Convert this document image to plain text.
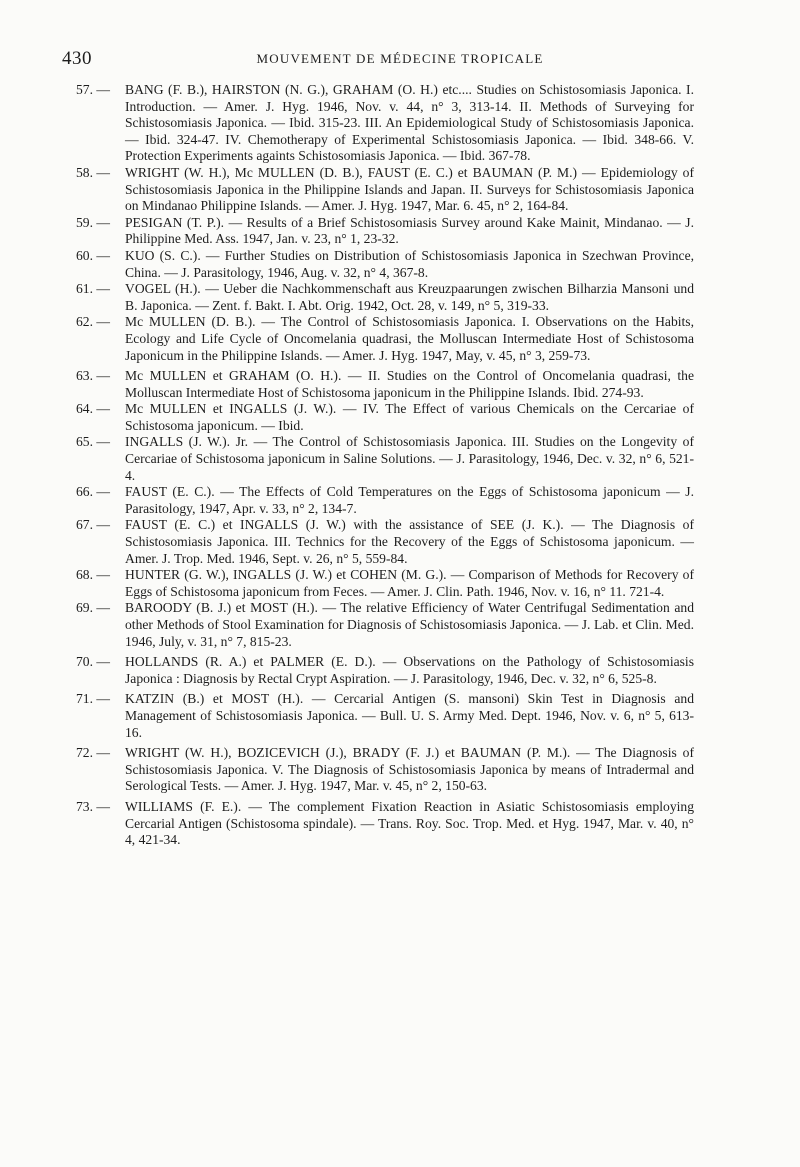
430	MOUVEMENT DE MÉDECINE TROPICALE
57. —	BANG (F. B.), HAIRSTON (N. G.), GRAHAM (O. H.) etc.... Studies on Schistosomiasis Japonica. I. Introduction. — Amer. J. Hyg. 1946, Nov. v. 44, n° 3, 313-14. II. Methods of Surveying for Schistosomiasis Japonica. — Ibid. 315-23. III. An Epidemiological Study of Schistosomiasis Japonica. — Ibid. 324-47. IV. Chemotherapy of Experimental Schistosomiasis Japonica. — Ibid. 348-66. V. Protection Experiments againts Schistosomiasis Japonica. — Ibid. 367-78.
58. —	WRIGHT (W. H.), Mc MULLEN (D. B.), FAUST (E. C.) et BAUMAN (P. M.) — Epidemiology of Schistosomiasis Japonica in the Philippine Islands and Japan. II. Surveys for Schistosomiasis Japonica on Mindanao Philippine Islands. — Amer. J. Hyg. 1947, Mar. 6. 45, n° 2, 164-84.
59. —	PESIGAN (T. P.). — Results of a Brief Schistosomiasis Survey around Kake Mainit, Mindanao. — J. Philippine Med. Ass. 1947, Jan. v. 23, n° 1, 23-32.
60. —	KUO (S. C.). — Further Studies on Distribution of Schistosomiasis Japonica in Szechwan Province, China. — J. Parasitology, 1946, Aug. v. 32, n° 4, 367-8.
61. —	VOGEL (H.). — Ueber die Nachkommenschaft aus Kreuzpaarungen zwischen Bilharzia Mansoni und B. Japonica. — Zent. f. Bakt. I. Abt. Orig. 1942, Oct. 28, v. 149, n° 5, 319-33.
62. —	Mc MULLEN (D. B.). — The Control of Schistosomiasis Japonica. I. Observations on the Habits, Ecology and Life Cycle of Oncomelania quadrasi, the Molluscan Intermediate Host of Schistosoma Japonicum in the Philippine Islands. — Amer. J. Hyg. 1947, May, v. 45, n° 3, 259-73.
63. —	Mc MULLEN et GRAHAM (O. H.). — II. Studies on the Control of Oncomelania quadrasi, the Molluscan Intermediate Host of Schistosoma japonicum in the Philippine Islands. Ibid. 274-93.
64. —	Mc MULLEN et INGALLS (J. W.). — IV. The Effect of various Chemicals on the Cercariae of Schistosoma japonicum. — Ibid.
65. —	INGALLS (J. W.). Jr. — The Control of Schistosomiasis Japonica. III. Studies on the Longevity of Cercariae of Schistosoma japonicum in Saline Solutions. — J. Parasitology, 1946, Dec. v. 32, n° 6, 521-4.
66. —	FAUST (E. C.). — The Effects of Cold Temperatures on the Eggs of Schistosoma japonicum — J. Parasitology, 1947, Apr. v. 33, n° 2, 134-7.
67. —	FAUST (E. C.) et INGALLS (J. W.) with the assistance of SEE (J. K.). — The Diagnosis of Schistosomiasis Japonica. III. Technics for the Recovery of the Eggs of Schistosoma japonicum. — Amer. J. Trop. Med. 1946, Sept. v. 26, n° 5, 559-84.
68. —	HUNTER (G. W.), INGALLS (J. W.) et COHEN (M. G.). — Comparison of Methods for Recovery of Eggs of Schistosoma japonicum from Feces. — Amer. J. Clin. Path. 1946, Nov. v. 16, n° 11. 721-4.
69. —	BAROODY (B. J.) et MOST (H.). — The relative Efficiency of Water Centrifugal Sedimentation and other Methods of Stool Examination for Diagnosis of Schistosomiasis Japonica. — J. Lab. et Clin. Med. 1946, July, v. 31, n° 7, 815-23.
70. —	HOLLANDS (R. A.) et PALMER (E. D.). — Observations on the Pathology of Schistosomiasis Japonica : Diagnosis by Rectal Crypt Aspiration. — J. Parasitology, 1946, Dec. v. 32, n° 6, 525-8.
71. —	KATZIN (B.) et MOST (H.). — Cercarial Antigen (S. mansoni) Skin Test in Diagnosis and Management of Schistosomiasis Japonica. — Bull. U. S. Army Med. Dept. 1946, Nov. v. 6, n° 5, 613-16.
72. —	WRIGHT (W. H.), BOZICEVICH (J.), BRADY (F. J.) et BAUMAN (P. M.). — The Diagnosis of Schistosomiasis Japonica. V. The Diagnosis of Schistosomiasis Japonica by means of Intradermal and Serological Tests. — Amer. J. Hyg. 1947, Mar. v. 45, n° 2, 150-63.
73. —	WILLIAMS (F. E.). — The complement Fixation Reaction in Asiatic Schistosomiasis employing Cercarial Antigen (Schistosoma spindale). — Trans. Roy. Soc. Trop. Med. et Hyg. 1947, Mar. v. 40, n° 4, 421-34.
